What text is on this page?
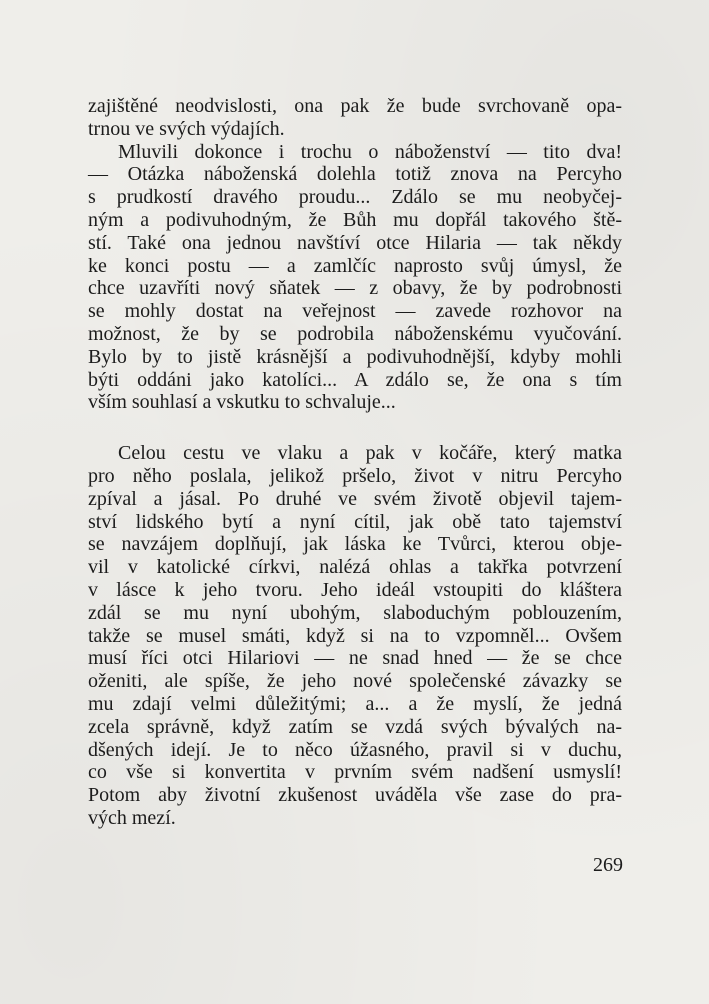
zajištěné neodvislosti, ona pak že bude svrchovaně opa-
trnou ve svých výdajích.

Mluvili dokonce i trochu o náboženství — tito dva!
— Otázka náboženská dolehla totiž znova na Percyho
s prudkostí dravého proudu... Zdálo se mu neobyčej-
ným a podivuhodným, že Bůh mu dopřál takového ště-
stí. Také ona jednou navštíví otce Hilaria — tak někdy
ke konci postu — a zamlčíc naprosto svůj úmysl, že
chce uzavříti nový sňatek — z obavy, že by podrobnosti
se mohly dostat na veřejnost — zavede rozhovor na
možnost, že by se podrobila náboženskému vyučování.
Bylo by to jistě krásnější a podivuhodnější, kdyby mohli
býti oddáni jako katolíci... A zdálo se, že ona s tím
vším souhlasí a vskutku to schvaluje...

Celou cestu ve vlaku a pak v kočáře, který matka
pro něho poslala, jelikož pršelo, život v nitru Percyho
zpíval a jásal. Po druhé ve svém životě objevil tajem-
ství lidského bytí a nyní cítil, jak obě tato tajemství
se navzájem doplňují, jak láska ke Tvůrci, kterou obje-
vil v katolické církvi, nalézá ohlas a takřka potvrzení
v lásce k jeho tvoru. Jeho ideál vstoupiti do kláštera
zdál se mu nyní ubohým, slaboduchým poblouzením,
takže se musel smáti, když si na to vzpomněl... Ovšem
musí říci otci Hilariovi — ne snad hned — že se chce
oženiti, ale spíše, že jeho nové společenské závazky se
mu zdají velmi důležitými; a... a že myslí, že jedná
zcela správně, když zatím se vzdá svých bývalých na-
dšených idejí. Je to něco úžasného, pravil si v duchu,
co vše si konvertita v prvním svém nadšení usmyslí!
Potom aby životní zkušenost uváděla vše zase do pra-
vých mezí.

269
